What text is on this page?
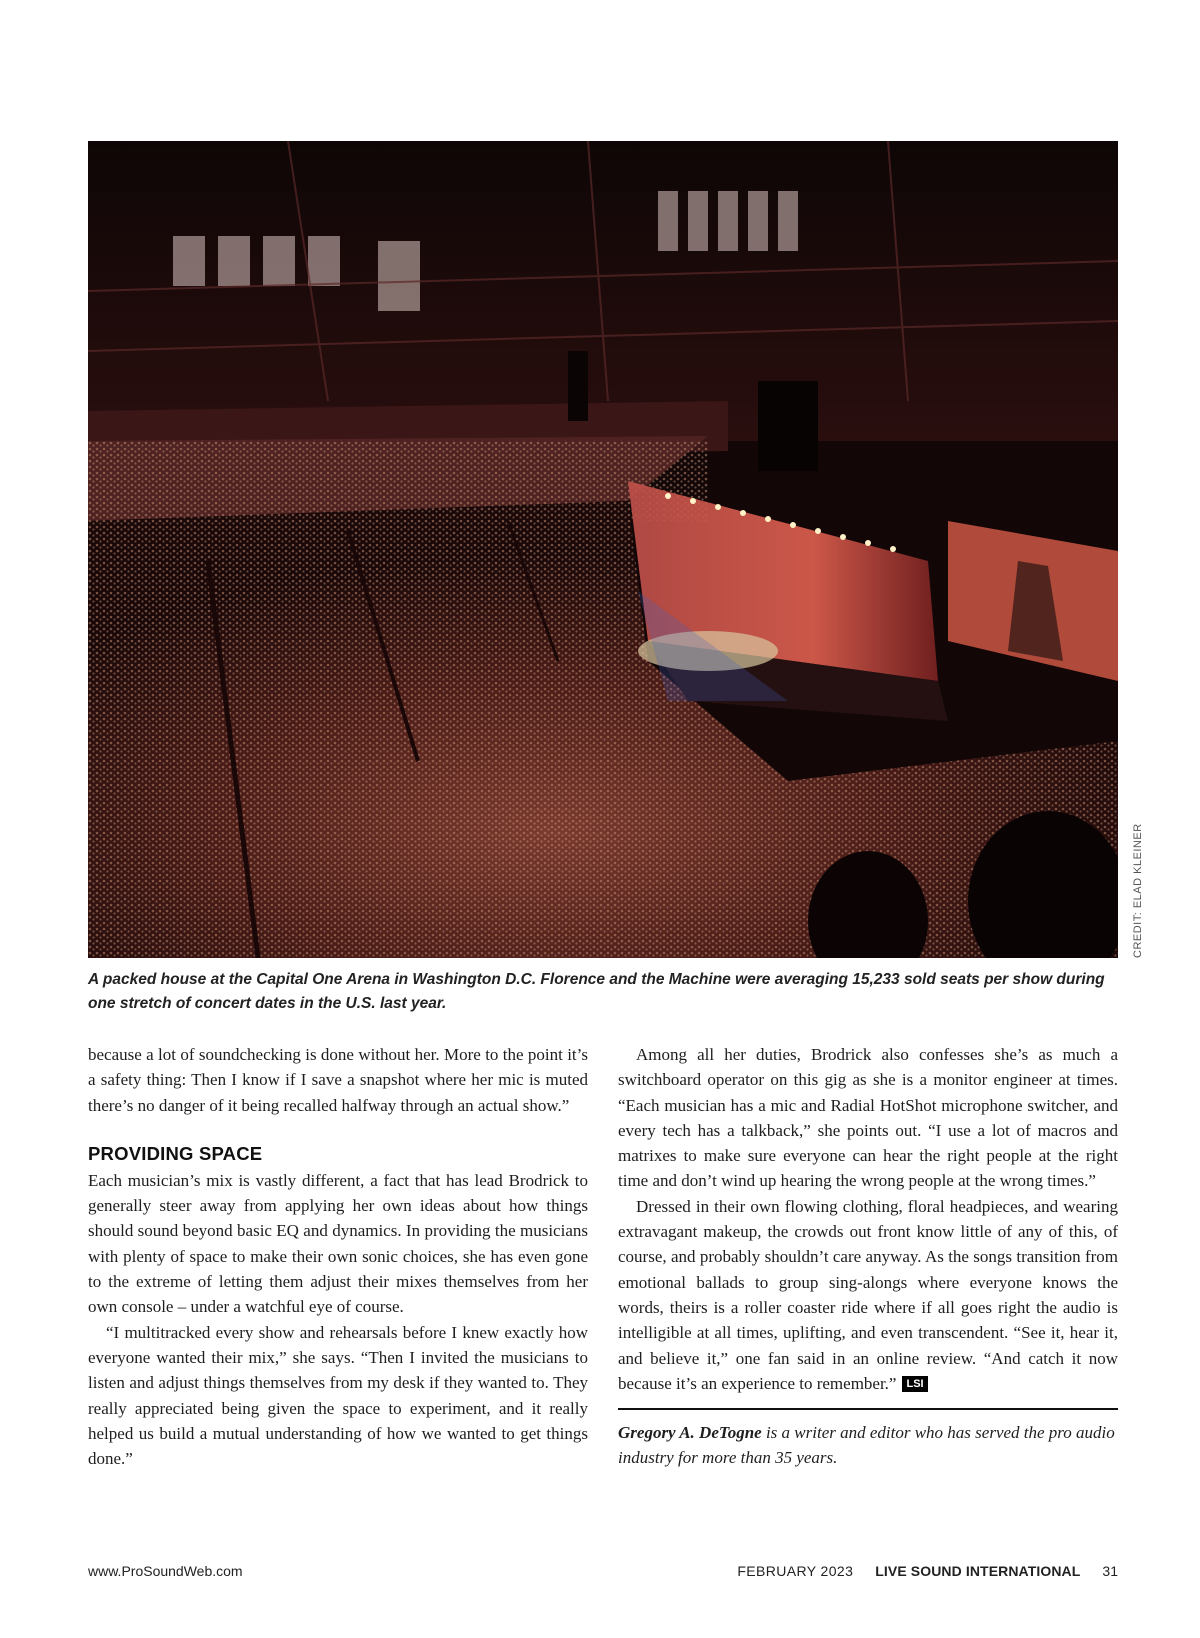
CREDIT: ELAD KLEINER
A packed house at the Capital One Arena in Washington D.C. Florence and the Machine were averaging 15,233 sold seats per show during one stretch of concert dates in the U.S. last year.

because a lot of soundchecking is done without her. More to the point it’s a safety thing: Then I know if I save a snapshot where her mic is muted there’s no danger of it being recalled halfway through an actual show.”

PROVIDING SPACE

Each musician’s mix is vastly different, a fact that has lead Brodrick to generally steer away from applying her own ideas about how things should sound beyond basic EQ and dynamics. In providing the musicians with plenty of space to make their own sonic choices, she has even gone to the extreme of letting them adjust their mixes themselves from her own console – under a watchful eye of course.

“I multitracked every show and rehearsals before I knew exactly how everyone wanted their mix,” she says. “Then I invited the musicians to listen and adjust things themselves from my desk if they wanted to. They really appreciated being given the space to experiment, and it really helped us build a mutual understanding of how we wanted to get things done.”

Among all her duties, Brodrick also confesses she’s as much a switchboard operator on this gig as she is a monitor engineer at times. “Each musician has a mic and Radial HotShot microphone switcher, and every tech has a talkback,” she points out. “I use a lot of macros and matrixes to make sure everyone can hear the right people at the right time and don’t wind up hearing the wrong people at the wrong times.”

Dressed in their own flowing clothing, floral headpieces, and wearing extravagant makeup, the crowds out front know little of any of this, of course, and probably shouldn’t care anyway. As the songs transition from emotional ballads to group sing-alongs where everyone knows the words, theirs is a roller coaster ride where if all goes right the audio is intelligible at all times, uplifting, and even transcendent. “See it, hear it, and believe it,” one fan said in an online review. “And catch it now because it’s an experience to remember.” LSI

Gregory A. DeTogne is a writer and editor who has served the pro audio industry for more than 35 years.

www.ProSoundWeb.com	FEBRUARY 2023 LIVE SOUND INTERNATIONAL 31
